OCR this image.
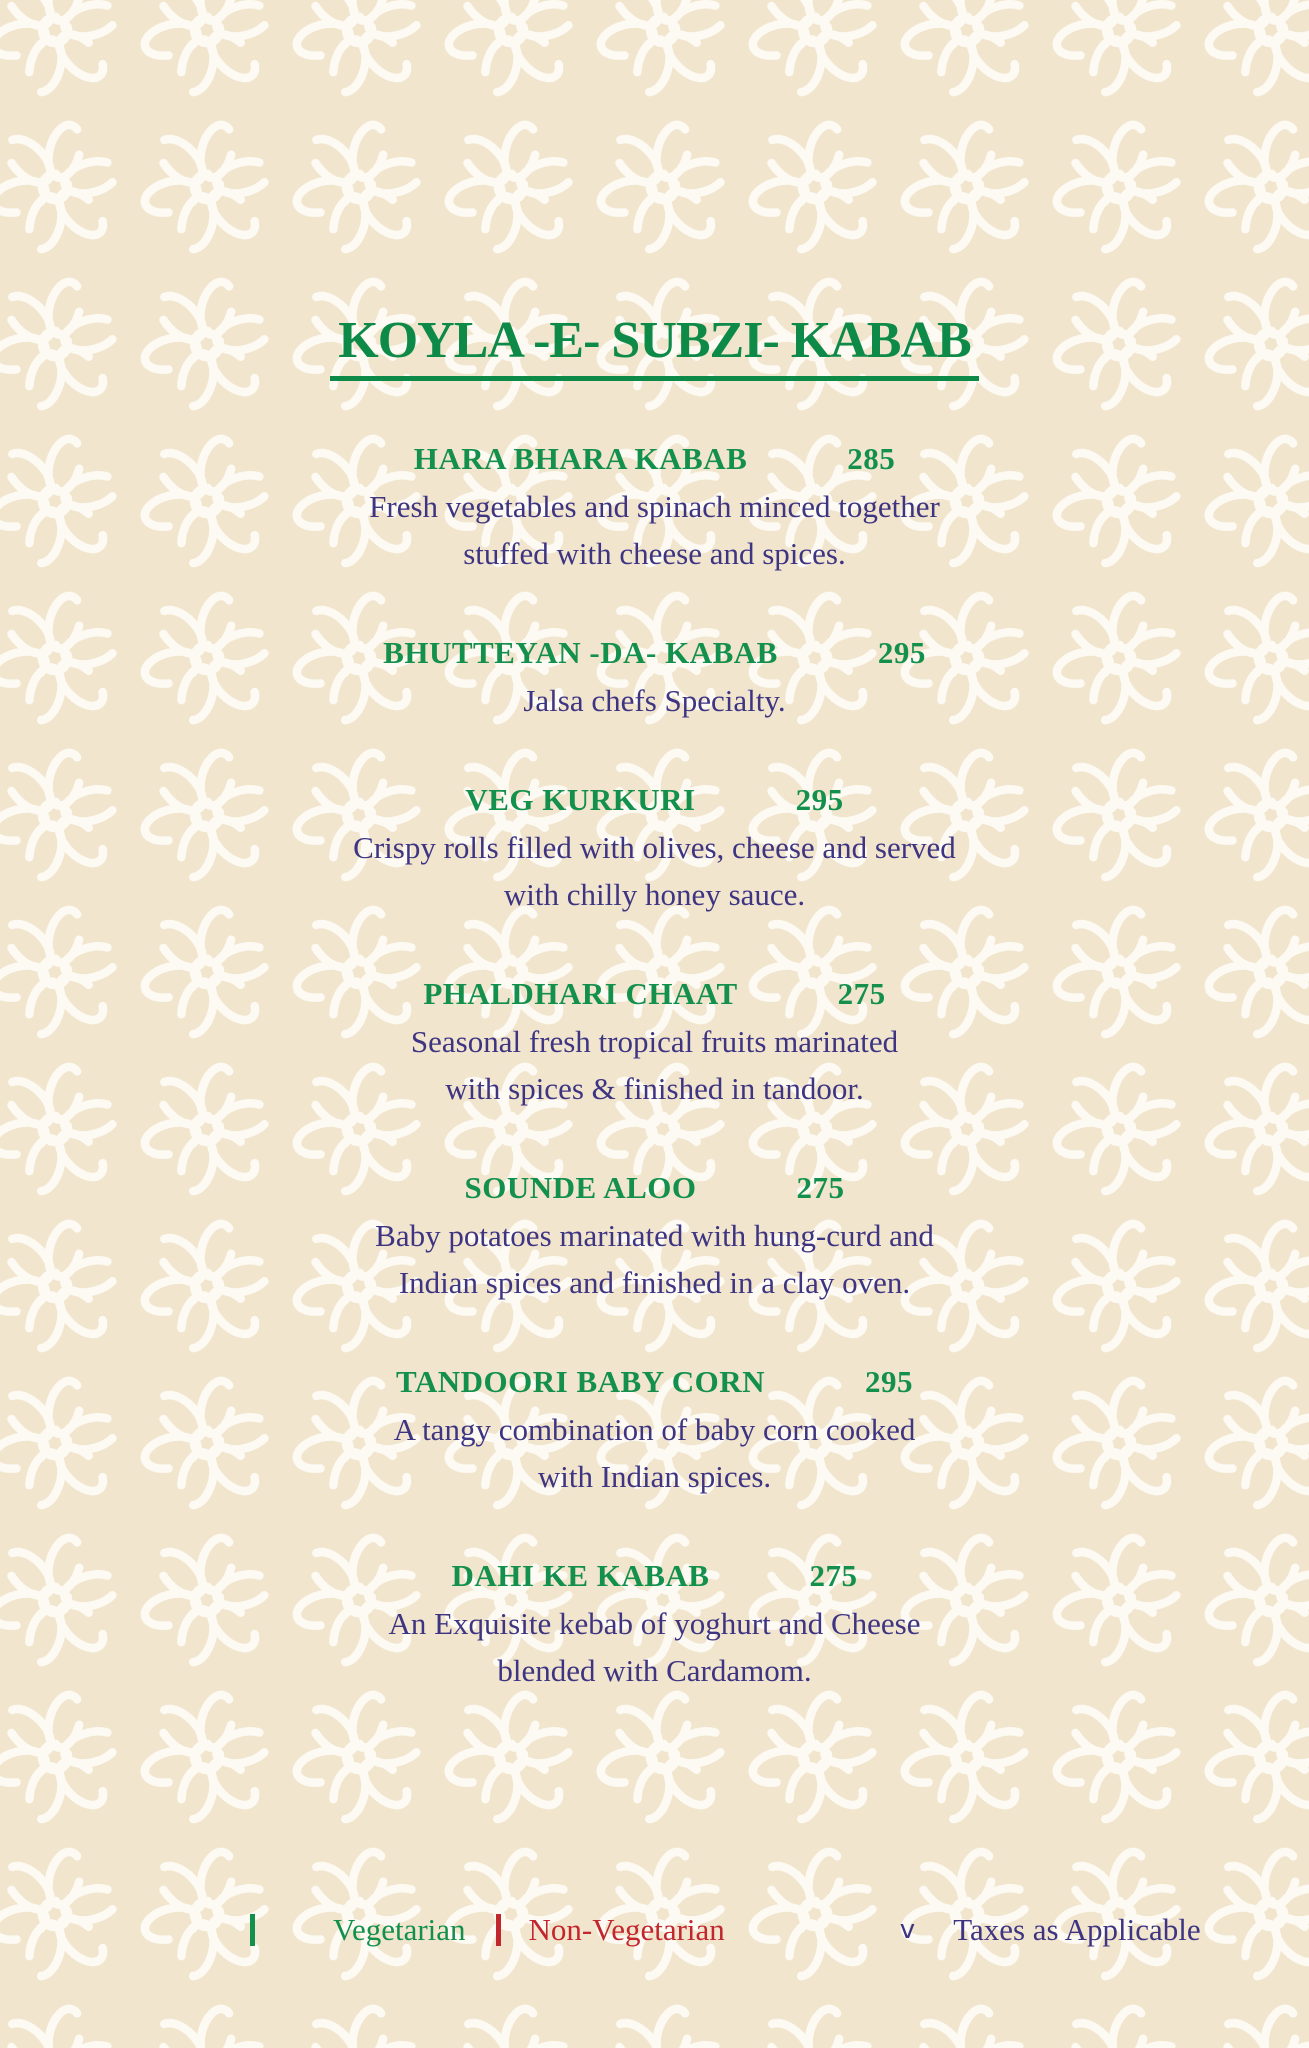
KOYLA -E- SUBZI- KABAB
HARA BHARA KABAB	285
Fresh vegetables and spinach minced together
stuffed with cheese and spices.
BHUTTEYAN -DA- KABAB	295
Jalsa chefs Specialty.
VEG KURKURI	295
Crispy rolls filled with olives, cheese and served
with chilly honey sauce.
PHALDHARI CHAAT	275
Seasonal fresh tropical fruits marinated
with spices & finished in tandoor.
SOUNDE ALOO	275
Baby potatoes marinated with hung-curd and
Indian spices and finished in a clay oven.
TANDOORI BABY CORN	295
A tangy combination of baby corn cooked
with Indian spices.
DAHI KE KABAB	275
An Exquisite kebab of yoghurt and Cheese
blended with Cardamom.
Vegetarian Non-Vegetarian	v Taxes as Applicable
